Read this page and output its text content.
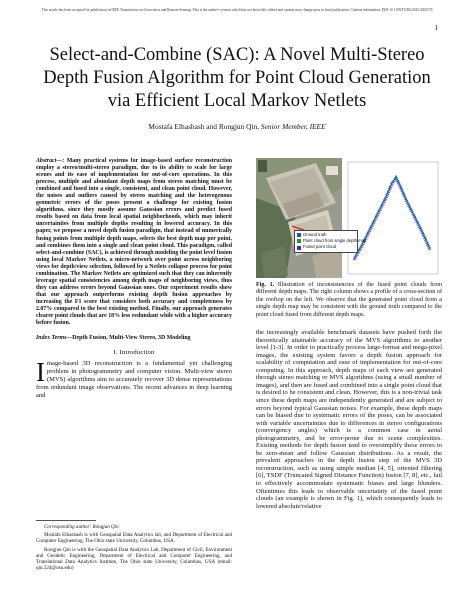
This article has been accepted for publication in IEEE Transactions on Geoscience and Remote Sensing. This is the author's version which has not been fully edited and content may change prior to final publication. Citation information: DOI 10.1109/TGRS.2023.3303179
1
Select-and-Combine (SAC): A Novel Multi-Stereo
Depth Fusion Algorithm for Point Cloud Generation
via Efficient Local Markov Netlets
Mostafa Elhashash and Rongjun Qin, Senior Member, IEEE

Abstract—: Many practical systems for image-based surface reconstruction employ a stereo/multi-stereo paradigm, due to its ability to scale for large scenes and its ease of implementation for out-of-core operations. In this process, multiple and abundant depth maps from stereo matching must be combined and fused into a single, consistent, and clean point cloud. However, the noises and outliers caused by stereo matching and the heterogenous geometric errors of the poses present a challenge for existing fusion algorithms, since they mostly assume Gaussian errors and predict fused results based on data from local spatial neighborhoods, which may inherit uncertainties from multiple depths resulting in lowered accuracy. In this paper, we propose a novel depth fusion paradigm, that instead of numerically fusing points from multiple depth maps, selects the best depth map per point, and combines them into a single and clean point cloud. This paradigm, called select-and-combine (SAC), is achieved through modeling the point level fusion using local Markov Netlets, a micro-network over point across neighboring views for depth/view selection, followed by a Netlets collapse process for point combination. The Markov Netlets are optimized such that they can inherently leverage spatial consistencies among depth maps of neighboring views, thus they can address errors beyond Gaussian ones. Our experiment results show that our approach outperforms existing depth fusion approaches by increasing the F1 score that considers both accuracy and completeness by 2.07% compared to the best existing method. Finally, our approach generates clearer point clouds that are 18% less redundant while with a higher accuracy before fusion.

Index Terms—Depth Fusion, Multi-View Stereo, 3D Modeling

I. Introduction

Image-based 3D reconstruction is a fundamental yet challenging problem in photogrammetry and computer vision. Multi-view stereo (MVS) algorithms aim to accurately recover 3D dense representations from redundant image observations. The recent advances in deep learning and

Corresponding author: Rongjun Qin

Mostafa Elhashash is with Geospatial Data Analytics lab, and Department of Electrical and Computer Engineering, The Ohio state University, Columbus, USA.

Rongjun Qin is with the Geospatial Data Analytics Lab, Department of Civil, Environment and Geodetic Engineering, Department of Electrical and Computer Engineering, and Translational Data Analytics Institute, The Ohio state University, Columbus, USA (email: qin.324@osu.edu)

Ground truth
Point cloud from single depth map
Fused point cloud

Fig. 1. Illustration of inconsistencies of the fused point clouds from different depth maps. The right column shows a profile of a cross-section of the rooftop on the left. We observe that the generated point cloud from a single depth map may be consistent with the ground truth compared to the point cloud fused from different depth maps.

the increasingly available benchmark datasets have pushed forth the theoretically attainable accuracy of the MVS algorithms to another level [1-3]. In order to practically process large-format and mega-pixel images, the existing system favors a depth fusion approach for scalability of computation and ease of implementation for out-of-core computing. In this approach, depth maps of each view are generated through stereo matching or MVS algorithms (using a small number of images), and then are fused and combined into a single point cloud that is desired to be consistent and clean. However, this is a non-trivial task since these depth maps are independently generated and are subject to errors beyond typical Gaussian noises. For example, these depth maps can be biased due to systematic errors of the poses, can be associated with variable uncertainties due to differences in stereo configurations (convergency angles) which is a common case in aerial photogrammetry, and be error-prone due to scene complexities. Existing methods for depth fusion tend to oversimplify these errors to be zero-mean and follow Gaussian distributions. As a result, the prevalent approaches in the depth fusion step of the MVS 3D reconstruction, such as using simple median [4, 5], oriented filtering [6], TSDF (Truncated Signed Distance Function) fusion [7, 8], etc., fail to effectively accommodate systematic biases and large blunders. Oftentimes this leads to observable uncertainty of the fused point clouds (an example is shown in Fig. 1), which consequently leads to lowered absolute/relative
